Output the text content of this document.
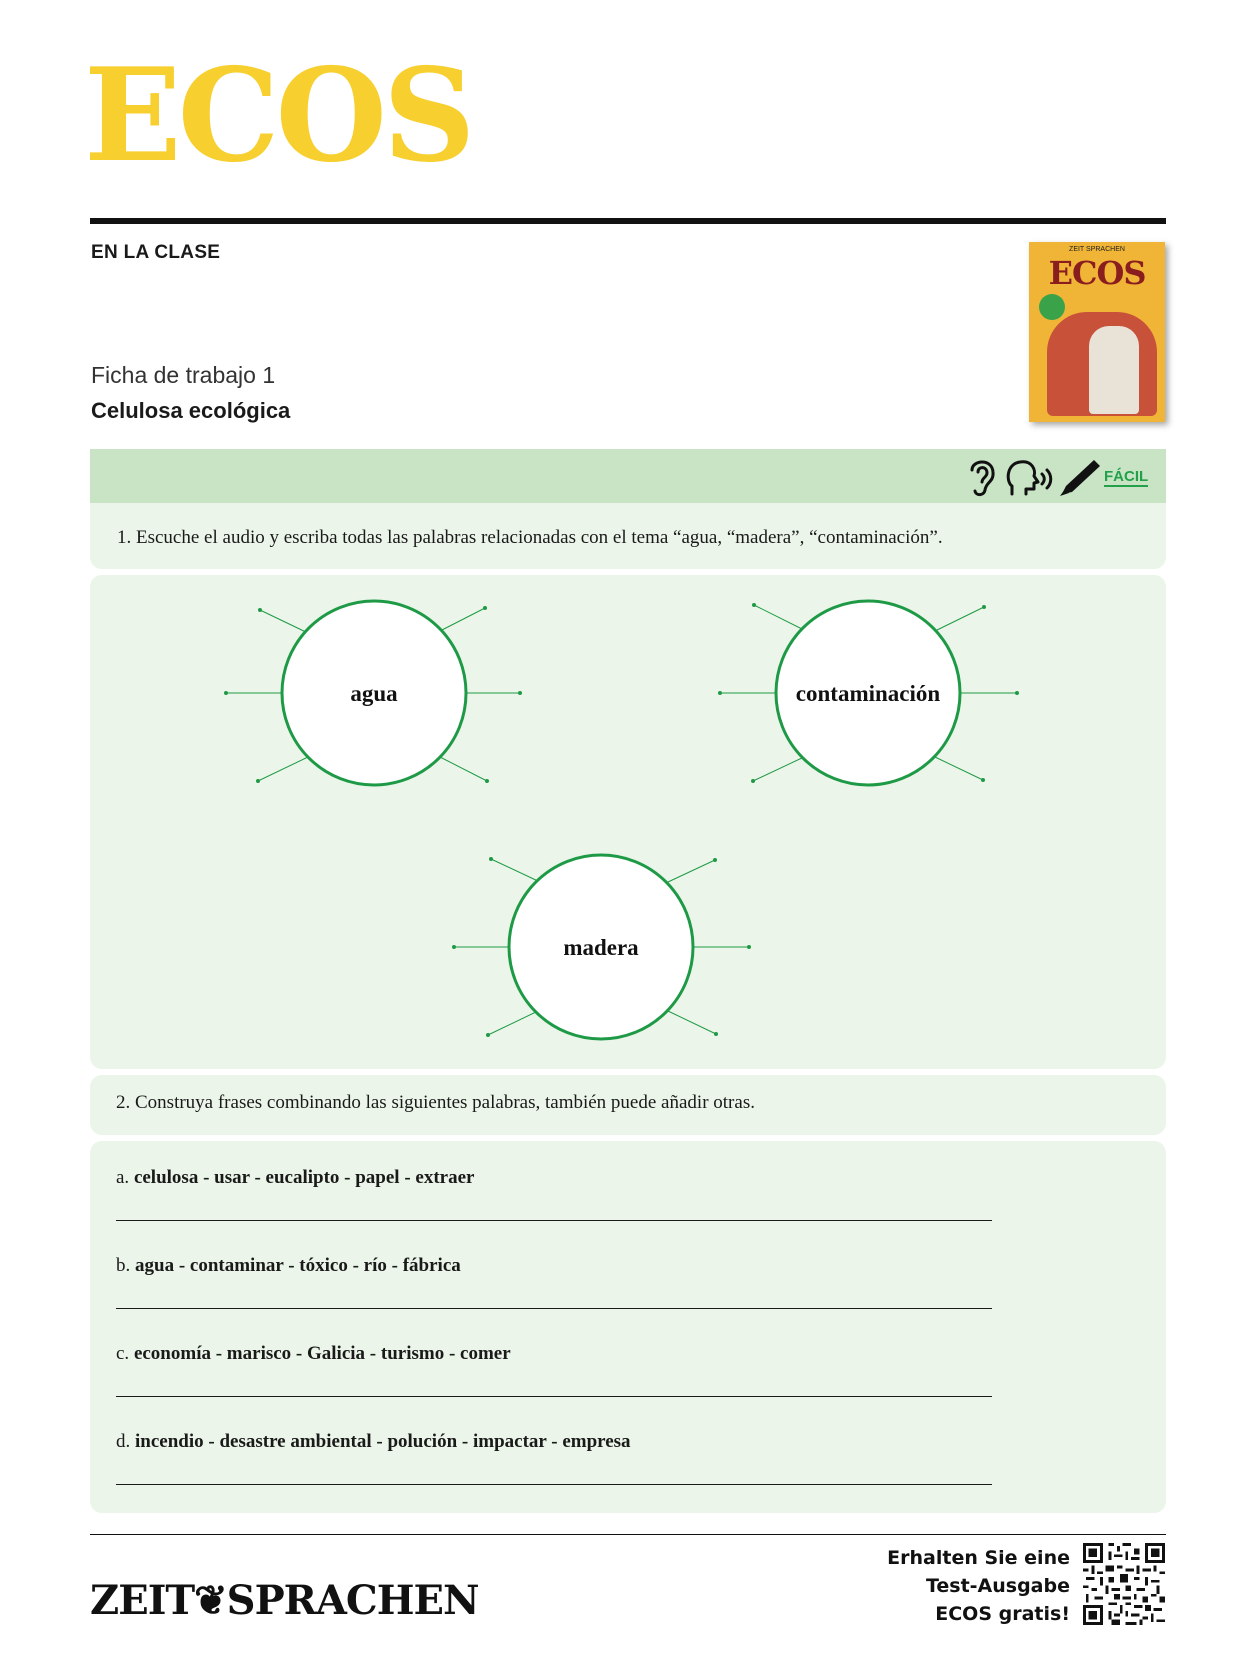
ECOS
EN LA CLASE	ZEIT SPRACHEN
ECOS
Ficha de trabajo 1
Celulosa ecológica
FÁCIL
1. Escuche el audio y escriba todas las palabras relacionadas con el tema “agua, “madera”, “contaminación”.
agua	contaminación
madera
2. Construya frases combinando las siguientes palabras, también puede añadir otras.
a. celulosa - usar - eucalipto - papel - extraer
b. agua - contaminar - tóxico - río - fábrica
c. economía - marisco - Galicia - turismo - comer
d. incendio - desastre ambiental - polución - impactar - empresa
ZEIT❦SPRACHEN
Erhalten Sie eine
Test-Ausgabe
ECOS gratis!
